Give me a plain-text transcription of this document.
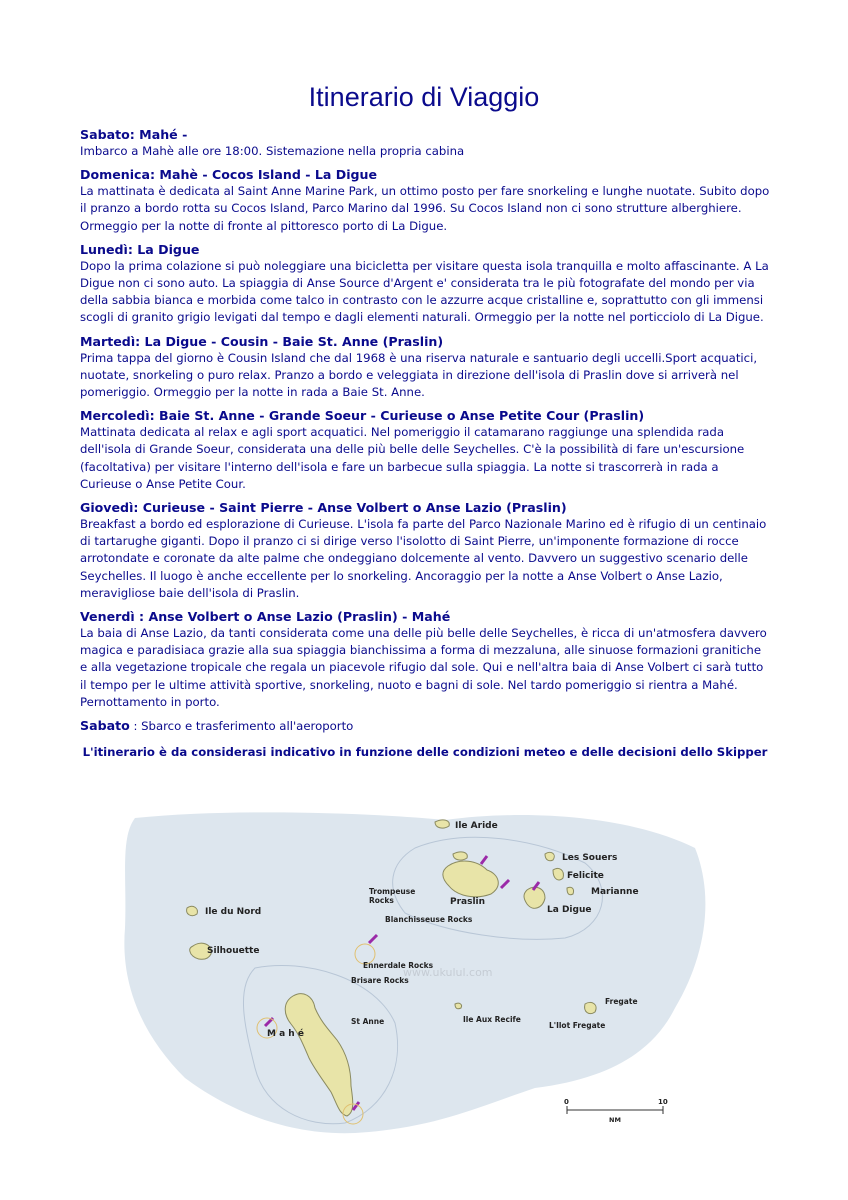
Itinerario di Viaggio
Sabato: Mahé -

Imbarco a Mahè alle ore 18:00. Sistemazione nella propria cabina

Domenica: Mahè - Cocos Island - La Digue

La mattinata è dedicata al Saint Anne Marine Park, un ottimo posto per fare snorkeling e lunghe nuotate. Subito dopo il pranzo a bordo rotta su Cocos Island, Parco Marino dal 1996. Su Cocos Island non ci sono strutture alberghiere. Ormeggio per la notte di fronte al pittoresco porto di La Digue.

Lunedì: La Digue

Dopo la prima colazione si può noleggiare una bicicletta per visitare questa isola tranquilla e molto affascinante. A La Digue non ci sono auto. La spiaggia di Anse Source d'Argent e' considerata tra le più fotografate del mondo per via della sabbia bianca e morbida come talco in contrasto con le azzurre acque cristalline e, soprattutto con gli immensi scogli di granito grigio levigati dal tempo e dagli elementi naturali. Ormeggio per la notte nel porticciolo di La Digue.

Martedì: La Digue - Cousin - Baie St. Anne (Praslin)

Prima tappa del giorno è Cousin Island che dal 1968 è una riserva naturale e santuario degli uccelli.Sport acquatici, nuotate, snorkeling o puro relax. Pranzo a bordo e veleggiata in direzione dell'isola di Praslin dove si arriverà nel pomeriggio. Ormeggio per la notte in rada a Baie St. Anne.

Mercoledì: Baie St. Anne - Grande Soeur - Curieuse o Anse Petite Cour (Praslin)

Mattinata dedicata al relax e agli sport acquatici. Nel pomeriggio il catamarano raggiunge una splendida rada dell'isola di Grande Soeur, considerata una delle più belle delle Seychelles. C'è la possibilità di fare un'escursione (facoltativa) per visitare l'interno dell'isola e fare un barbecue sulla spiaggia. La notte si trascorrerà in rada a Curieuse o Anse Petite Cour.

Giovedì: Curieuse - Saint Pierre - Anse Volbert o Anse Lazio (Praslin)

Breakfast a bordo ed esplorazione di Curieuse. L'isola fa parte del Parco Nazionale Marino ed è rifugio di un centinaio di tartarughe giganti. Dopo il pranzo ci si dirige verso l'isolotto di Saint Pierre, un'imponente formazione di rocce arrotondate e coronate da alte palme che ondeggiano dolcemente al vento. Davvero un suggestivo scenario delle Seychelles. Il luogo è anche eccellente per lo snorkeling. Ancoraggio per la notte a Anse Volbert o Anse Lazio, meravigliose baie dell'isola di Praslin.

Venerdì : Anse Volbert o Anse Lazio (Praslin) - Mahé

La baia di Anse Lazio, da tanti considerata come una delle più belle delle Seychelles, è ricca di un'atmosfera davvero magica e paradisiaca grazie alla sua spiaggia bianchissima a forma di mezzaluna, alle sinuose formazioni granitiche e alla vegetazione tropicale che regala un piacevole rifugio dal sole. Qui e nell'altra baia di Anse Volbert ci sarà tutto il tempo per le ultime attività sportive, snorkeling, nuoto e bagni di sole. Nel tardo pomeriggio si rientra a Mahé. Pernottamento in porto.

Sabato : Sbarco e trasferimento all'aeroporto
L'itinerario è da considerasi indicativo in funzione delle condizioni meteo e delle decisioni dello Skipper
Ile Aride
Les Souers
Felicite
Marianne
Trompeuse
Rocks	Praslin
La Digue
Blanchisseuse Rocks
Ile du Nord
Silhouette
Ennerdale Rocks
Brisare Rocks
www.ukulul.com
Fregate
L'Ilot Fregate
Ile Aux Recife
St Anne
M a h é
0	10
NM
